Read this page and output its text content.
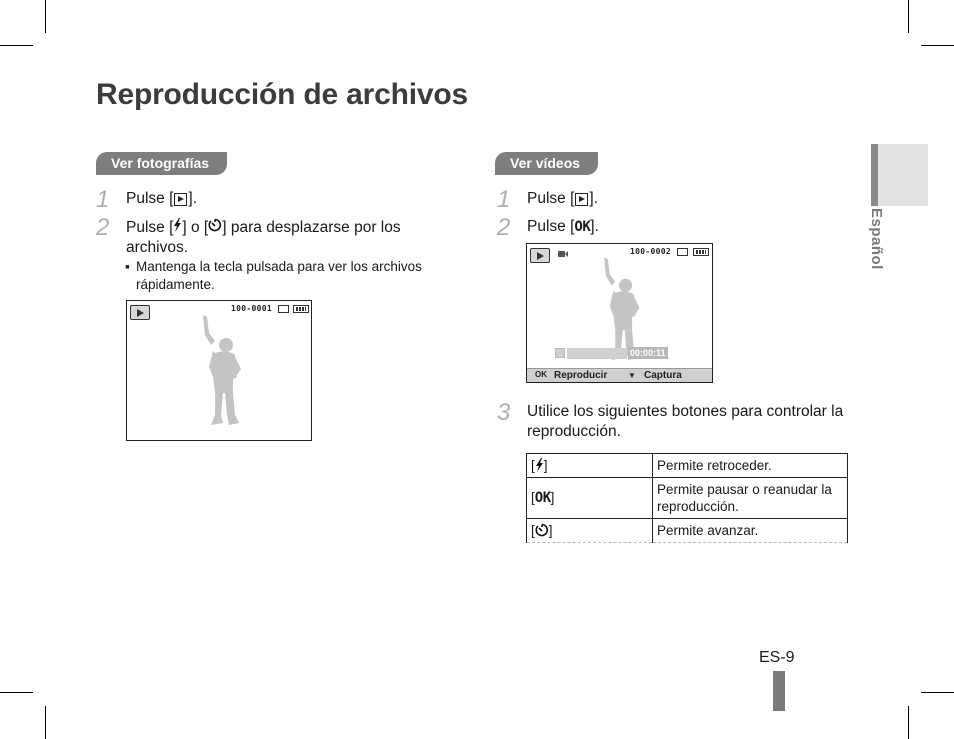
Reproducción de archivos
Español
Ver fotografías
1 Pulse [ ].
2 Pulse [ ] o [ ] para desplazarse por los archivos.
▪ Mantenga la tecla pulsada para ver los archivos rápidamente.
100-0001
Ver vídeos
1 Pulse [ ].
2 Pulse [OK].
100-0002
00:00:11
OK Reproducir	▼ Captura
3 Utilice los siguientes botones para controlar la reproducción.
[ ]	Permite retroceder.
[OK]	Permite pausar o reanudar la reproducción.
[ ]	Permite avanzar.
ES-9
